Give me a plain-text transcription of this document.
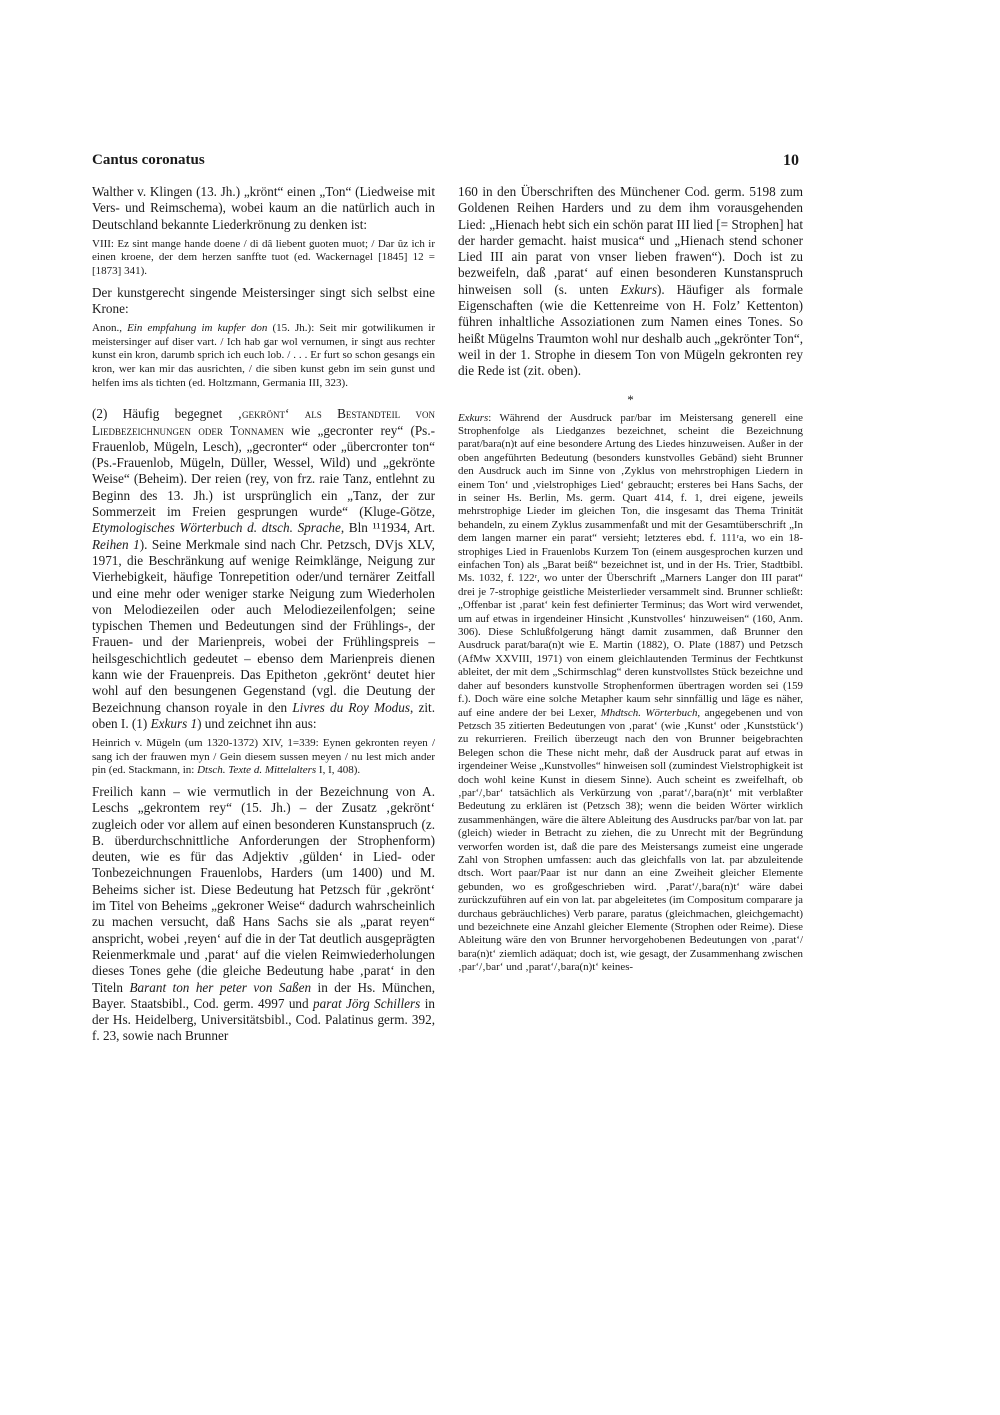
Cantus coronatus	10

Walther v. Klingen (13. Jh.) „krönt“ einen „Ton“ (Liedweise mit Vers- und Reimschema), wobei kaum an die natürlich auch in Deutschland bekannte Liederkrönung zu denken ist:

VIII: Ez sint mange hande doene / di dâ liebent guoten muot; / Dar ûz ich ir einen kroene, der dem herzen sanffte tuot (ed. Wackernagel [1845] 12 = [1873] 341).

Der kunstgerecht singende Meistersinger singt sich selbst eine Krone:

Anon., Ein empfahung im kupfer don (15. Jh.): Seit mir gotwilikumen ir meistersinger auf diser vart. / Ich hab gar wol vernumen, ir singt aus rechter kunst ein kron, darumb sprich ich euch lob. / . . . Er furt so schon gesangs ein kron, wer kan mir das ausrichten, / die siben kunst gebn im sein gunst und helfen ims als tichten (ed. Holtzmann, Germania III, 323).

(2) Häufig begegnet ‚gekrönt‘ als Bestandteil von Liedbezeichnungen oder Tonnamen wie „gecronter rey“ (Ps.-Frauenlob, Mügeln, Lesch), „gecronter“ oder „übercronter ton“ (Ps.-Frauenlob, Mügeln, Düller, Wessel, Wild) und „gekrönte Weise“ (Beheim). Der reien (rey, von frz. raie Tanz, entlehnt zu Beginn des 13. Jh.) ist ursprünglich ein „Tanz, der zur Sommerzeit im Freien gesprungen wurde“ (Kluge-Götze, Etymologisches Wörterbuch d. dtsch. Sprache, Bln ¹¹1934, Art. Reihen 1). Seine Merkmale sind nach Chr. Petzsch, DVjs XLV, 1971, die Beschränkung auf wenige Reimklänge, Neigung zur Vierhebigkeit, häufige Tonrepetition oder/und ternärer Zeitfall und eine mehr oder weniger starke Neigung zum Wiederholen von Melodiezeilen oder auch Melodiezeilenfolgen; seine typischen Themen und Bedeutungen sind der Frühlings-, der Frauen- und der Marienpreis, wobei der Frühlingspreis – heilsgeschichtlich gedeutet – ebenso dem Marienpreis dienen kann wie der Frauenpreis. Das Epitheton ‚gekrönt‘ deutet hier wohl auf den besungenen Gegenstand (vgl. die Deutung der Bezeichnung chanson royale in den Livres du Roy Modus, zit. oben I. (1) Exkurs 1) und zeichnet ihn aus:

Heinrich v. Mügeln (um 1320-1372) XIV, 1=339: Eynen gekronten reyen / sang ich der frauwen myn / Gein diesem sussen meyen / nu lest mich ander pin (ed. Stackmann, in: Dtsch. Texte d. Mittelalters I, I, 408).

Freilich kann – wie vermutlich in der Bezeichnung von A. Leschs „gekrontem rey“ (15. Jh.) – der Zusatz ‚gekrönt‘ zugleich oder vor allem auf einen besonderen Kunstanspruch (z. B. überdurchschnittliche Anforderungen der Strophenform) deuten, wie es für das Adjektiv ‚gülden‘ in Lied- oder Tonbezeichnungen Frauenlobs, Harders (um 1400) und M. Beheims sicher ist. Diese Bedeutung hat Petzsch für ‚gekrönt‘ im Titel von Beheims „gekroner Weise“ dadurch wahrscheinlich zu machen versucht, daß Hans Sachs sie als „parat reyen“ anspricht, wobei ‚reyen‘ auf die in der Tat deutlich ausgeprägten Reienmerkmale und ‚parat‘ auf die vielen Reimwiederholungen dieses Tones gehe (die gleiche Bedeutung habe ‚parat‘ in den Titeln Barant ton her peter von Saßen in der Hs. München, Bayer. Staatsbibl., Cod. germ. 4997 und parat Jörg Schillers in der Hs. Heidelberg, Universitätsbibl., Cod. Palatinus germ. 392, f. 23, sowie nach Brunner

160 in den Überschriften des Münchener Cod. germ. 5198 zum Goldenen Reihen Harders und zu dem ihm vorausgehenden Lied: „Hienach hebt sich ein schön parat III lied [= Strophen] hat der harder gemacht. haist musica“ und „Hienach stend schoner Lied III ain parat von vnser lieben frawen“). Doch ist zu bezweifeln, daß ‚parat‘ auf einen besonderen Kunstanspruch hinweisen soll (s. unten Exkurs). Häufiger als formale Eigenschaften (wie die Kettenreime von H. Folz’ Kettenton) führen inhaltliche Assoziationen zum Namen eines Tones. So heißt Mügelns Traumton wohl nur deshalb auch „gekrönter Ton“, weil in der 1. Strophe in diesem Ton von Mügeln gekronten rey die Rede ist (zit. oben).

*

Exkurs: Während der Ausdruck par/bar im Meistersang generell eine Strophenfolge als Liedganzes bezeichnet, scheint die Bezeichnung parat/bara(n)t auf eine besondere Artung des Liedes hinzuweisen. Außer in der oben angeführten Bedeutung (besonders kunstvolles Gebänd) sieht Brunner den Ausdruck auch im Sinne von ‚Zyklus von mehrstrophigen Liedern in einem Ton‘ und ‚vielstrophiges Lied‘ gebraucht; ersteres bei Hans Sachs, der in seiner Hs. Berlin, Ms. germ. Quart 414, f. 1, drei eigene, jeweils mehrstrophige Lieder im gleichen Ton, die insgesamt das Thema Trinität behandeln, zu einem Zyklus zusammenfaßt und mit der Gesamtüberschrift „In dem langen marner ein parat“ versieht; letzteres ebd. f. 111ʳa, wo ein 18-strophiges Lied in Frauenlobs Kurzem Ton (einem ausgesprochen kurzen und einfachen Ton) als „Barat beiß“ bezeichnet ist, und in der Hs. Trier, Stadtbibl. Ms. 1032, f. 122ʳ, wo unter der Überschrift „Marners Langer don III parat“ drei je 7-strophige geistliche Meisterlieder versammelt sind. Brunner schließt: „Offenbar ist ‚parat‘ kein fest definierter Terminus; das Wort wird verwendet, um auf etwas in irgendeiner Hinsicht ‚Kunstvolles‘ hinzuweisen“ (160, Anm. 306). Diese Schlußfolgerung hängt damit zusammen, daß Brunner den Ausdruck parat/bara(n)t wie E. Martin (1882), O. Plate (1887) und Petzsch (AfMw XXVIII, 1971) von einem gleichlautenden Terminus der Fechtkunst ableitet, der mit dem „Schirmschlag“ deren kunstvollstes Stück bezeichne und daher auf besonders kunstvolle Strophenformen übertragen worden sei (159 f.). Doch wäre eine solche Metapher kaum sehr sinnfällig und läge es näher, auf eine andere der bei Lexer, Mhdtsch. Wörterbuch, angegebenen und von Petzsch 35 zitierten Bedeutungen von ‚parat‘ (wie ‚Kunst‘ oder ‚Kunststück‘) zu rekurrieren. Freilich überzeugt nach den von Brunner beigebrachten Belegen schon die These nicht mehr, daß der Ausdruck parat auf etwas in irgendeiner Weise „Kunstvolles“ hinweisen soll (zumindest Vielstrophigkeit ist doch wohl keine Kunst in diesem Sinne). Auch scheint es zweifelhaft, ob ‚par‘/‚bar‘ tatsächlich als Verkürzung von ‚parat‘/‚bara(n)t‘ mit verblaßter Bedeutung zu erklären ist (Petzsch 38); wenn die beiden Wörter wirklich zusammenhängen, wäre die ältere Ableitung des Ausdrucks par/bar von lat. par (gleich) wieder in Betracht zu ziehen, die zu Unrecht mit der Begründung verworfen worden ist, daß die pare des Meistersangs zumeist eine ungerade Zahl von Strophen umfassen: auch das gleichfalls von lat. par abzuleitende dtsch. Wort paar/Paar ist nur dann an eine Zweiheit gleicher Elemente gebunden, wo es großgeschrieben wird. ‚Parat‘/‚bara(n)t‘ wäre dabei zurückzuführen auf ein von lat. par abgeleitetes (im Compositum comparare ja durchaus gebräuchliches) Verb parare, paratus (gleichmachen, gleichgemacht) und bezeichnete eine Anzahl gleicher Elemente (Strophen oder Reime). Diese Ableitung wäre den von Brunner hervorgehobenen Bedeutungen von ‚parat‘/ bara(n)t‘ ziemlich adäquat; doch ist, wie gesagt, der Zusammenhang zwischen ‚par‘/‚bar‘ und ‚parat‘/‚bara(n)t‘ keines-
